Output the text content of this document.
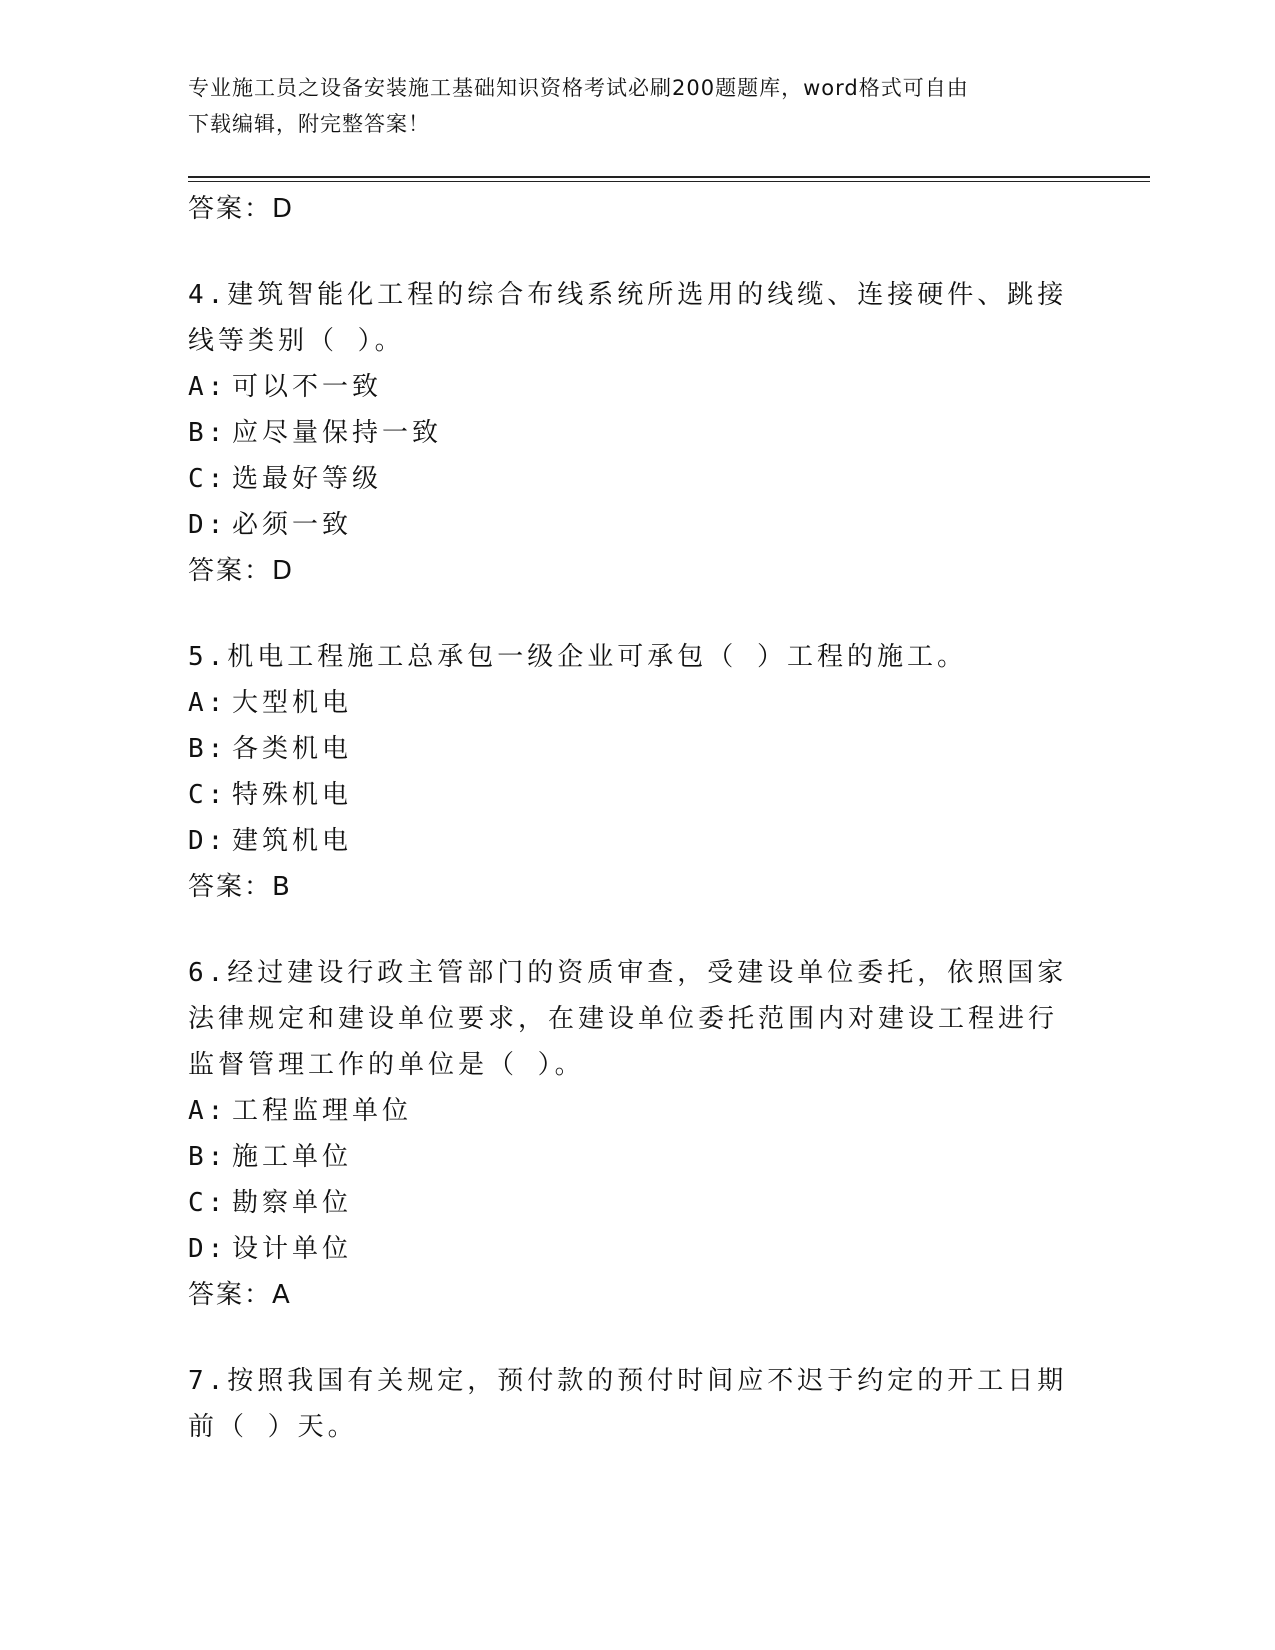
专业施工员之设备安装施工基础知识资格考试必刷200题题库，word格式可自由
下载编辑，附完整答案！
答案：D
4.建筑智能化工程的综合布线系统所选用的线缆、连接硬件、跳接线等类别（ ）。
A: 可以不一致
B: 应尽量保持一致
C: 选最好等级
D: 必须一致
答案：D
5.机电工程施工总承包一级企业可承包（ ）工程的施工。
A: 大型机电
B: 各类机电
C: 特殊机电
D: 建筑机电
答案：B
6.经过建设行政主管部门的资质审查，受建设单位委托，依照国家法律规定和建设单位要求，在建设单位委托范围内对建设工程进行监督管理工作的单位是（ ）。
A: 工程监理单位
B: 施工单位
C: 勘察单位
D: 设计单位
答案：A
7.按照我国有关规定，预付款的预付时间应不迟于约定的开工日期前（ ）天。
